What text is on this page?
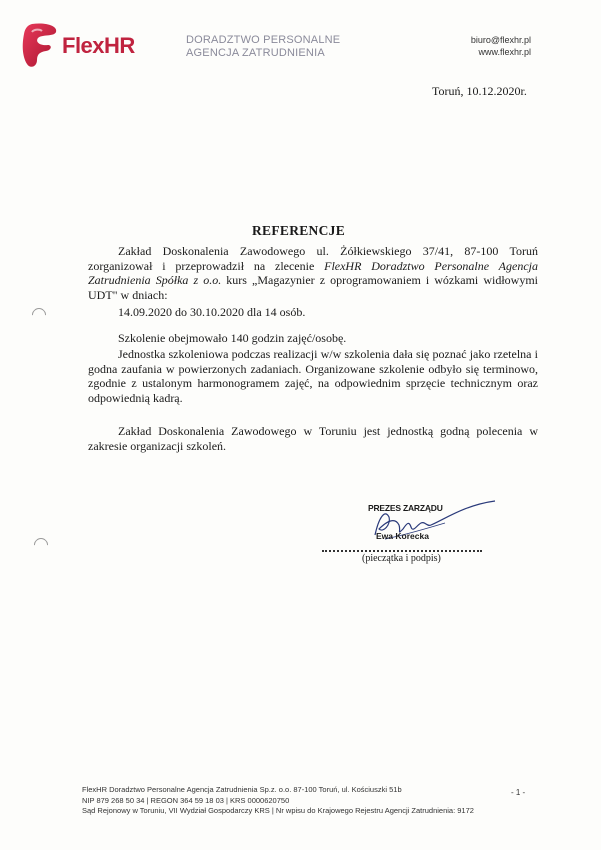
FlexHR	DORADZTWO PERSONALNE
AGENCJA ZATRUDNIENIA
biuro@flexhr.pl
www.flexhr.pl
Toruń, 10.12.2020r.
REFERENCJE
Zakład Doskonalenia Zawodowego ul. Żółkiewskiego 37/41, 87-100 Toruń zorganizował i przeprowadził na zlecenie FlexHR Doradztwo Personalne Agencja Zatrudnienia Spółka z o.o. kurs „Magazynier z oprogramowaniem i wózkami widłowymi UDT" w dniach:
14.09.2020 do 30.10.2020 dla 14 osób.
Szkolenie obejmowało 140 godzin zajęć/osobę.
Jednostka szkoleniowa podczas realizacji w/w szkolenia dała się poznać jako rzetelna i godna zaufania w powierzonych zadaniach. Organizowane szkolenie odbyło się terminowo, zgodnie z ustalonym harmonogramem zajęć, na odpowiednim sprzęcie technicznym oraz odpowiednią kadrą.
Zakład Doskonalenia Zawodowego w Toruniu jest jednostką godną polecenia w zakresie organizacji szkoleń.
PREZES ZARZĄDU
Ewa Korecka
(pieczątka i podpis)
FlexHR Doradztwo Personalne Agencja Zatrudnienia Sp.z. o.o. 87-100 Toruń, ul. Kościuszki 51b
NIP 879 268 50 34 | REGON 364 59 18 03 | KRS 0000620750
Sąd Rejonowy w Toruniu, VII Wydział Gospodarczy KRS | Nr wpisu do Krajowego Rejestru Agencji Zatrudnienia: 9172
- 1 -
